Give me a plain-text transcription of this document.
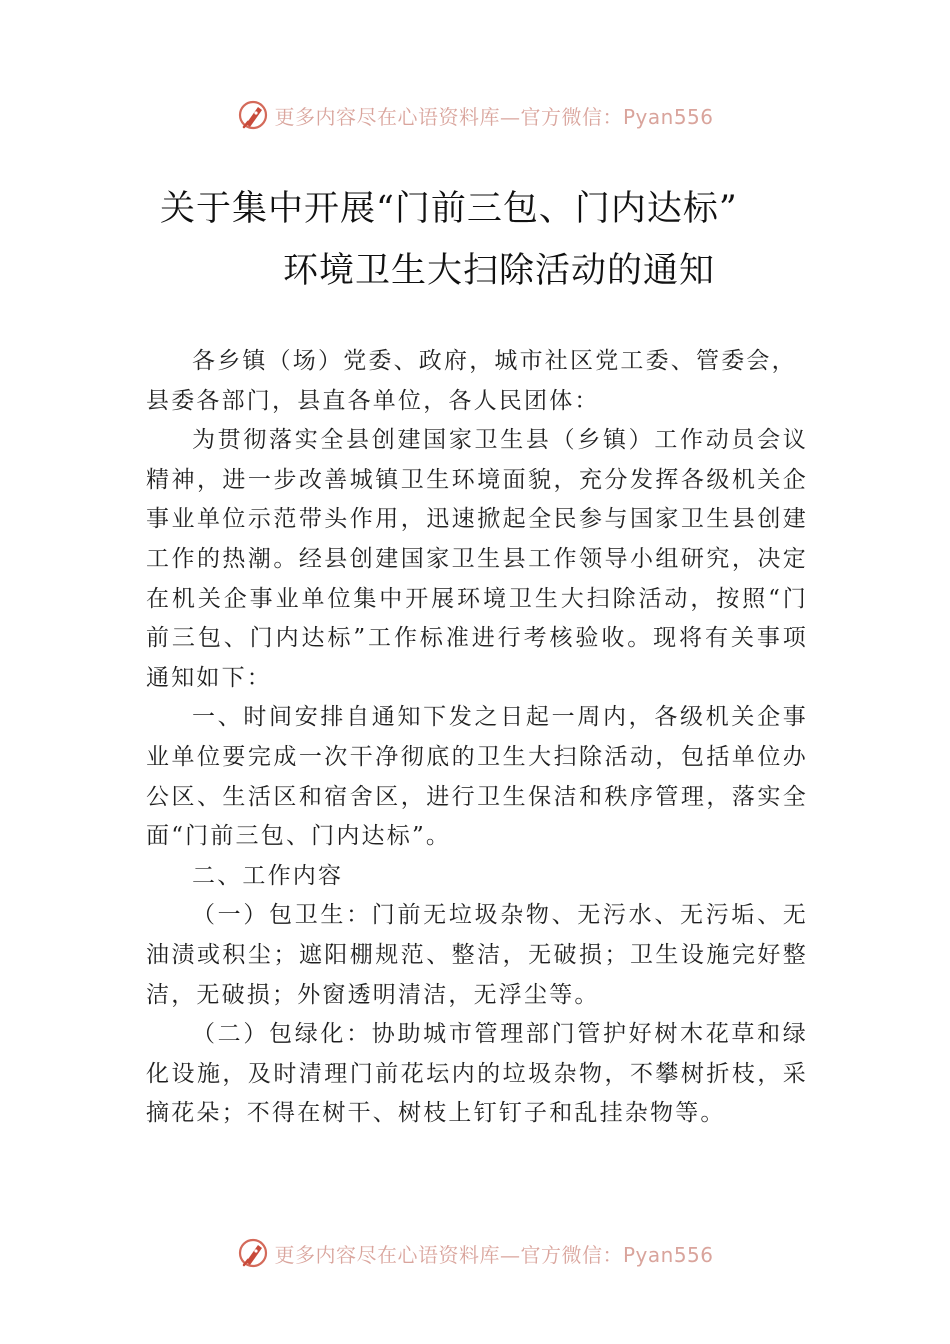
更多内容尽在心语资料库—官方微信：Pyan556
关于集中开展“门前三包、门内达标”
环境卫生大扫除活动的通知

各乡镇（场）党委、政府，城市社区党工委、管委会，

县委各部门，县直各单位，各人民团体：

为贯彻落实全县创建国家卫生县（乡镇）工作动员会议精神，进一步改善城镇卫生环境面貌，充分发挥各级机关企事业单位示范带头作用，迅速掀起全民参与国家卫生县创建工作的热潮。经县创建国家卫生县工作领导小组研究，决定在机关企事业单位集中开展环境卫生大扫除活动，按照“门前三包、门内达标”工作标准进行考核验收。现将有关事项通知如下：

一、时间安排自通知下发之日起一周内，各级机关企事业单位要完成一次干净彻底的卫生大扫除活动，包括单位办公区、生活区和宿舍区，进行卫生保洁和秩序管理，落实全面“门前三包、门内达标”。

二、工作内容

（一）包卫生：门前无垃圾杂物、无污水、无污垢、无油渍或积尘；遮阳棚规范、整洁，无破损；卫生设施完好整洁，无破损；外窗透明清洁，无浮尘等。

（二）包绿化：协助城市管理部门管护好树木花草和绿化设施，及时清理门前花坛内的垃圾杂物，不攀树折枝，采摘花朵；不得在树干、树枝上钉钉子和乱挂杂物等。

更多内容尽在心语资料库—官方微信：Pyan556
